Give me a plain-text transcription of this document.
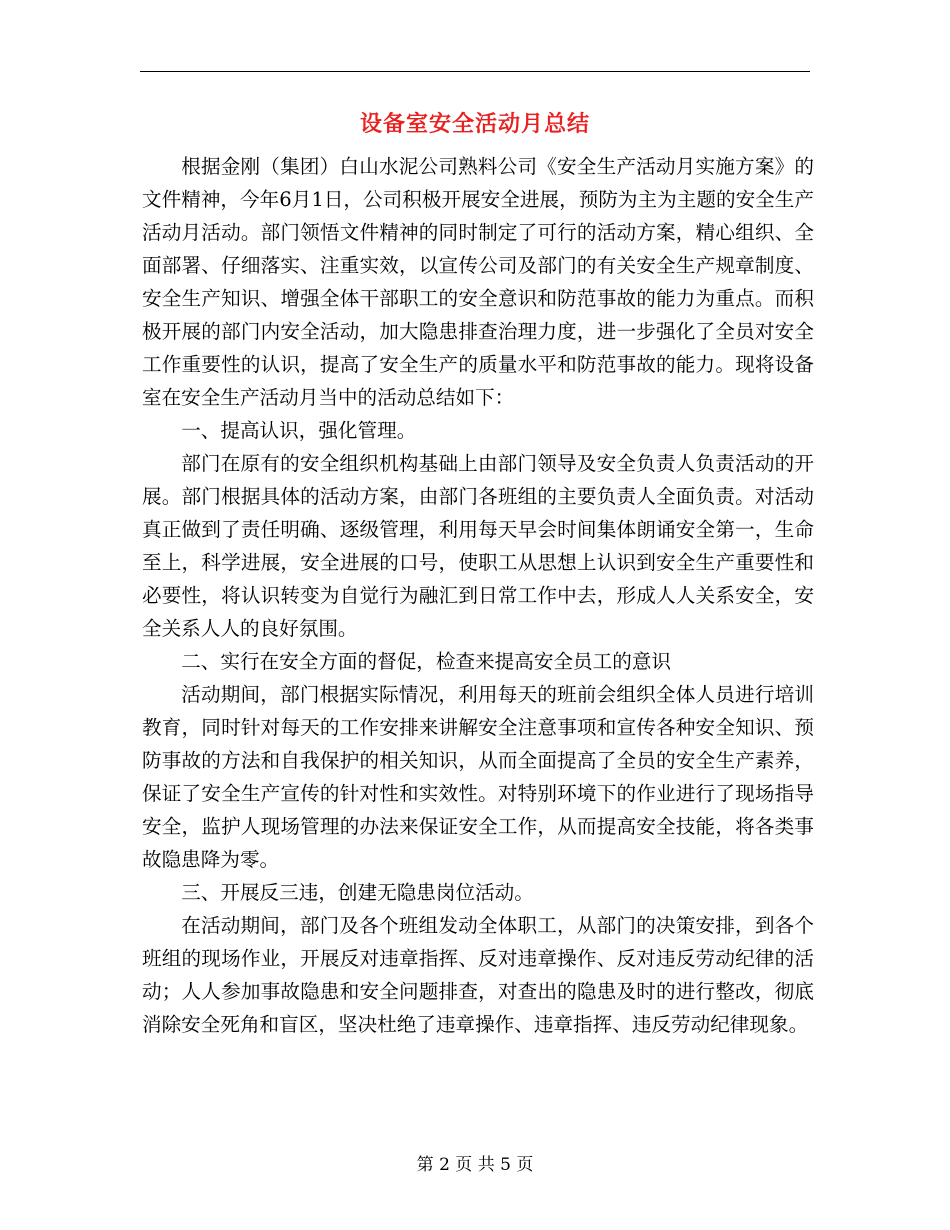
设备室安全活动月总结

根据金刚（集团）白山水泥公司熟料公司《安全生产活动月实施方案》的文件精神，今年6月1日，公司积极开展安全进展，预防为主为主题的安全生产活动月活动。部门领悟文件精神的同时制定了可行的活动方案，精心组织、全面部署、仔细落实、注重实效，以宣传公司及部门的有关安全生产规章制度、安全生产知识、增强全体干部职工的安全意识和防范事故的能力为重点。而积极开展的部门内安全活动，加大隐患排查治理力度，进一步强化了全员对安全工作重要性的认识，提高了安全生产的质量水平和防范事故的能力。现将设备室在安全生产活动月当中的活动总结如下：

一、提高认识，强化管理。

部门在原有的安全组织机构基础上由部门领导及安全负责人负责活动的开展。部门根据具体的活动方案，由部门各班组的主要负责人全面负责。对活动真正做到了责任明确、逐级管理，利用每天早会时间集体朗诵安全第一，生命至上，科学进展，安全进展的口号，使职工从思想上认识到安全生产重要性和必要性，将认识转变为自觉行为融汇到日常工作中去，形成人人关系安全，安全关系人人的良好氛围。

二、实行在安全方面的督促，检查来提高安全员工的意识

活动期间，部门根据实际情况，利用每天的班前会组织全体人员进行培训教育，同时针对每天的工作安排来讲解安全注意事项和宣传各种安全知识、预防事故的方法和自我保护的相关知识，从而全面提高了全员的安全生产素养，保证了安全生产宣传的针对性和实效性。对特别环境下的作业进行了现场指导安全，监护人现场管理的办法来保证安全工作，从而提高安全技能，将各类事故隐患降为零。

三、开展反三违，创建无隐患岗位活动。

在活动期间，部门及各个班组发动全体职工，从部门的决策安排，到各个班组的现场作业，开展反对违章指挥、反对违章操作、反对违反劳动纪律的活动；人人参加事故隐患和安全问题排查，对查出的隐患及时的进行整改，彻底消除安全死角和盲区，坚决杜绝了违章操作、违章指挥、违反劳动纪律现象。

第 2 页 共 5 页
